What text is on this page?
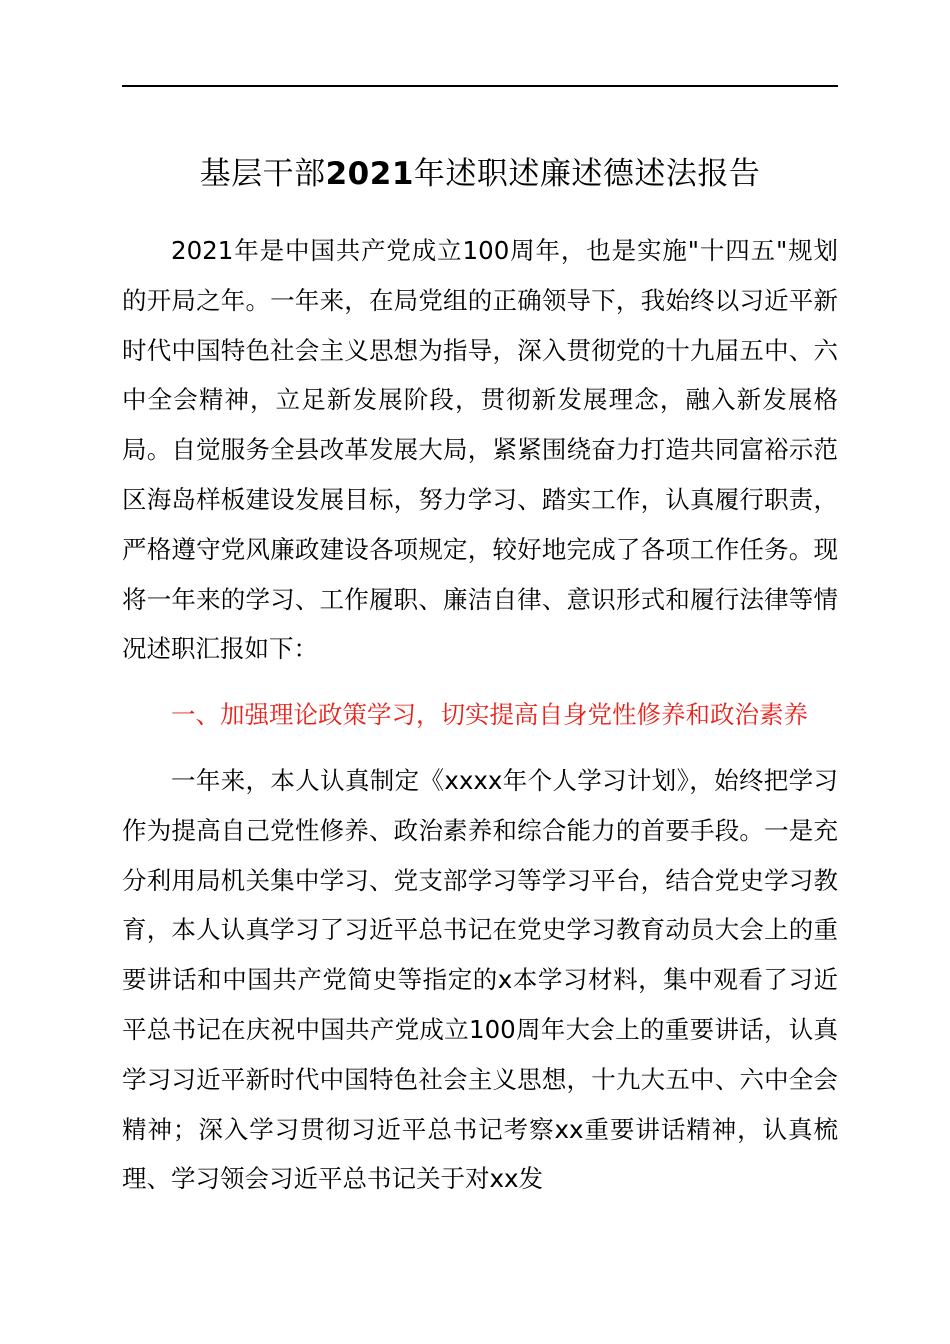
基层干部2021年述职述廉述德述法报告
2021年是中国共产党成立100周年，也是实施"十四五"规划的开局之年。一年来，在局党组的正确领导下，我始终以习近平新时代中国特色社会主义思想为指导，深入贯彻党的十九届五中、六中全会精神，立足新发展阶段，贯彻新发展理念，融入新发展格局。自觉服务全县改革发展大局，紧紧围绕奋力打造共同富裕示范区海岛样板建设发展目标，努力学习、踏实工作，认真履行职责，严格遵守党风廉政建设各项规定，较好地完成了各项工作任务。现将一年来的学习、工作履职、廉洁自律、意识形式和履行法律等情况述职汇报如下：
一、加强理论政策学习，切实提高自身党性修养和政治素养
一年来，本人认真制定《xxxx年个人学习计划》，始终把学习作为提高自己党性修养、政治素养和综合能力的首要手段。一是充分利用局机关集中学习、党支部学习等学习平台，结合党史学习教育，本人认真学习了习近平总书记在党史学习教育动员大会上的重要讲话和中国共产党简史等指定的x本学习材料，集中观看了习近平总书记在庆祝中国共产党成立100周年大会上的重要讲话，认真学习习近平新时代中国特色社会主义思想，十九大五中、六中全会精神；深入学习贯彻习近平总书记考察xx重要讲话精神，认真梳理、学习领会习近平总书记关于对xx发
